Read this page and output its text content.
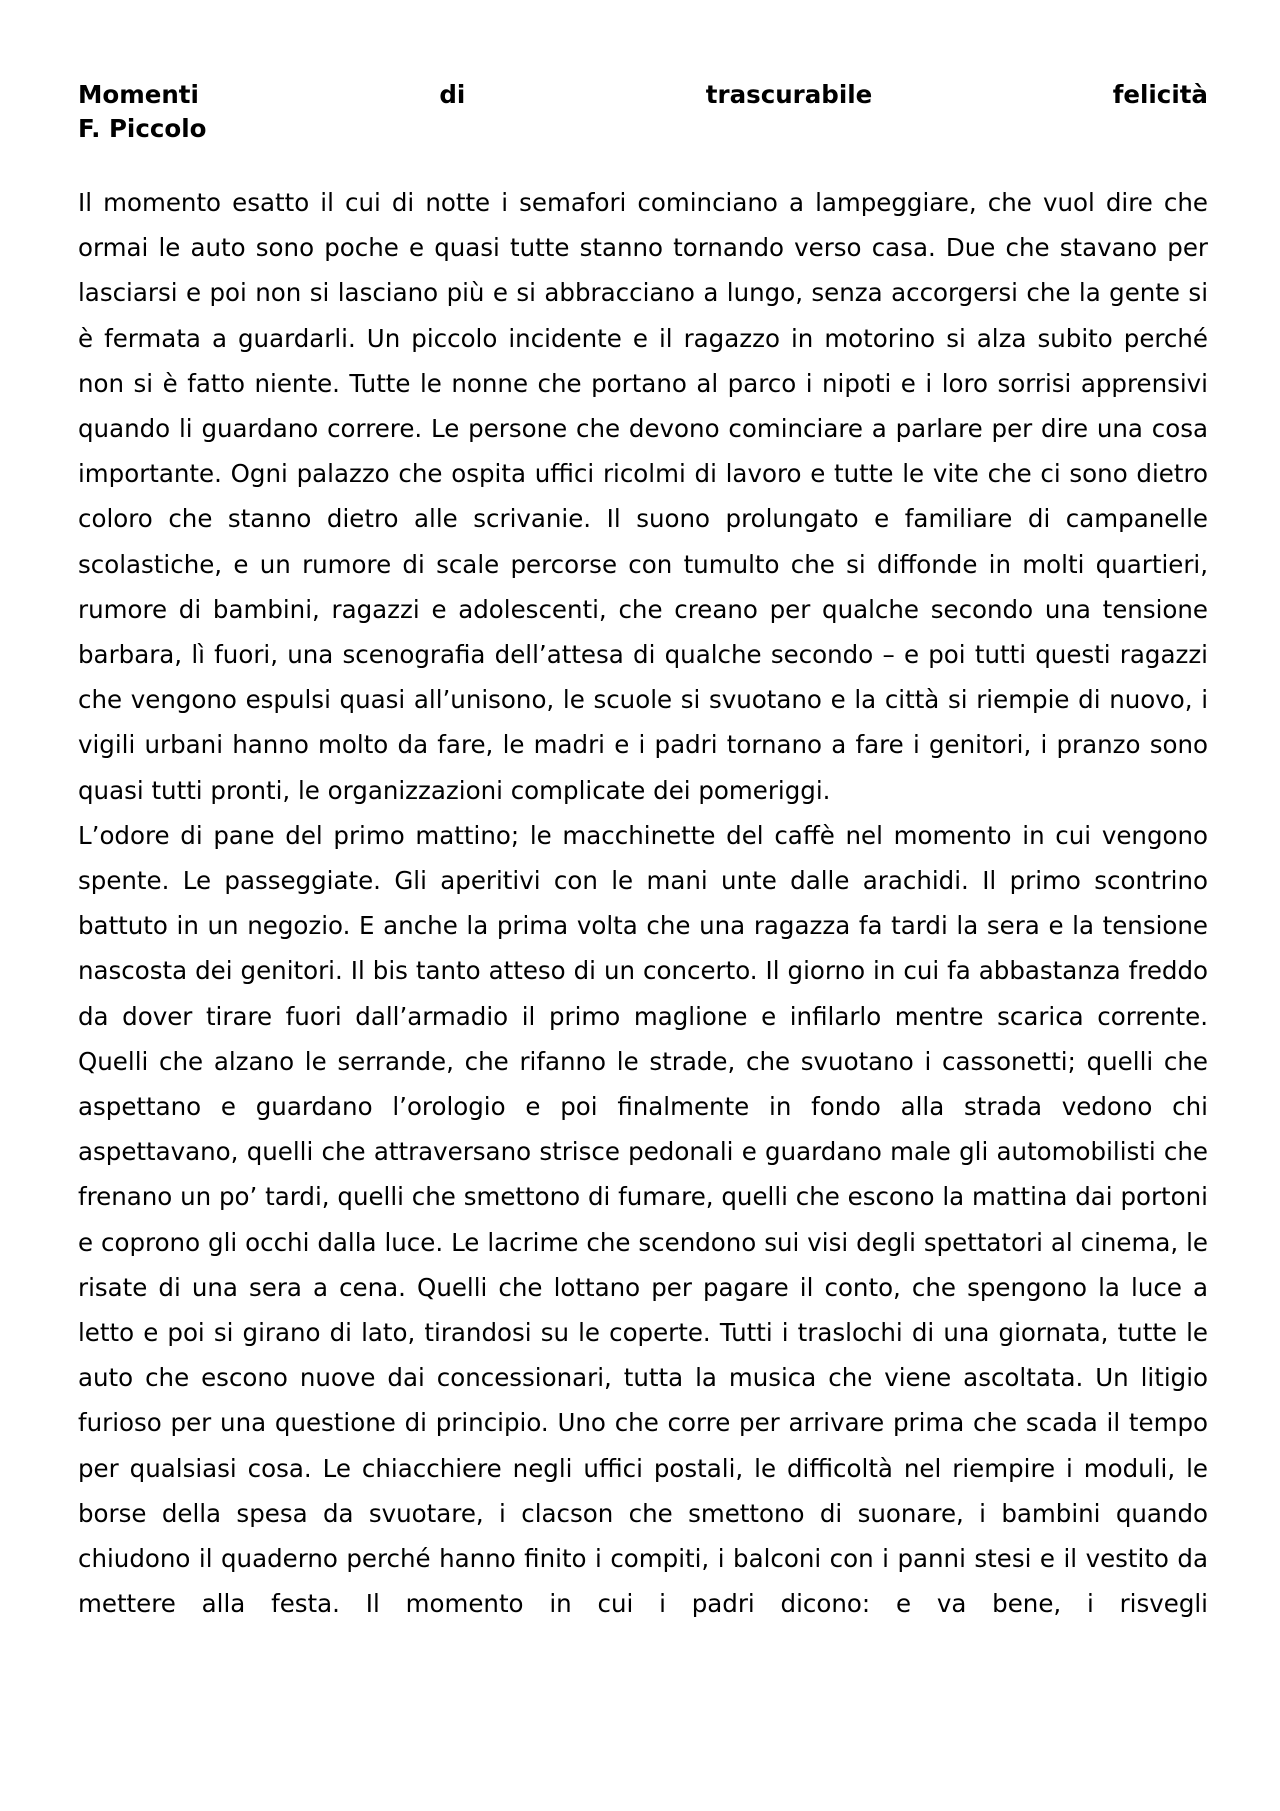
Momenti	di	trascurabile	felicità
F. Piccolo

Il momento esatto il cui di notte i semafori cominciano a lampeggiare, che vuol dire che ormai le auto sono poche e quasi tutte stanno tornando verso casa. Due che stavano per lasciarsi e poi non si lasciano più e si abbracciano a lungo, senza accorgersi che la gente si è fermata a guardarli. Un piccolo incidente e il ragazzo in motorino si alza subito perché non si è fatto niente. Tutte le nonne che portano al parco i nipoti e i loro sorrisi apprensivi quando li guardano correre. Le persone che devono cominciare a parlare per dire una cosa importante. Ogni palazzo che ospita uffici ricolmi di lavoro e tutte le vite che ci sono dietro coloro che stanno dietro alle scrivanie. Il suono prolungato e familiare di campanelle scolastiche, e un rumore di scale percorse con tumulto che si diffonde in molti quartieri, rumore di bambini, ragazzi e adolescenti, che creano per qualche secondo una tensione barbara, lì fuori, una scenografia dell’attesa di qualche secondo – e poi tutti questi ragazzi che vengono espulsi quasi all’unisono, le scuole si svuotano e la città si riempie di nuovo, i vigili urbani hanno molto da fare, le madri e i padri tornano a fare i genitori, i pranzo sono quasi tutti pronti, le organizzazioni complicate dei pomeriggi.

L’odore di pane del primo mattino; le macchinette del caffè nel momento in cui vengono spente. Le passeggiate. Gli aperitivi con le mani unte dalle arachidi. Il primo scontrino battuto in un negozio. E anche la prima volta che una ragazza fa tardi la sera e la tensione nascosta dei genitori. Il bis tanto atteso di un concerto. Il giorno in cui fa abbastanza freddo da dover tirare fuori dall’armadio il primo maglione e infilarlo mentre scarica corrente. Quelli che alzano le serrande, che rifanno le strade, che svuotano i cassonetti; quelli che aspettano e guardano l’orologio e poi finalmente in fondo alla strada vedono chi aspettavano, quelli che attraversano strisce pedonali e guardano male gli automobilisti che frenano un po’ tardi, quelli che smettono di fumare, quelli che escono la mattina dai portoni e coprono gli occhi dalla luce. Le lacrime che scendono sui visi degli spettatori al cinema, le risate di una sera a cena. Quelli che lottano per pagare il conto, che spengono la luce a letto e poi si girano di lato, tirandosi su le coperte. Tutti i traslochi di una giornata, tutte le auto che escono nuove dai concessionari, tutta la musica che viene ascoltata. Un litigio furioso per una questione di principio. Uno che corre per arrivare prima che scada il tempo per qualsiasi cosa. Le chiacchiere negli uffici postali, le difficoltà nel riempire i moduli, le borse della spesa da svuotare, i clacson che smettono di suonare, i bambini quando chiudono il quaderno perché hanno finito i compiti, i balconi con i panni stesi e il vestito da mettere alla festa. Il momento in cui i padri dicono: e va bene, i risvegli
